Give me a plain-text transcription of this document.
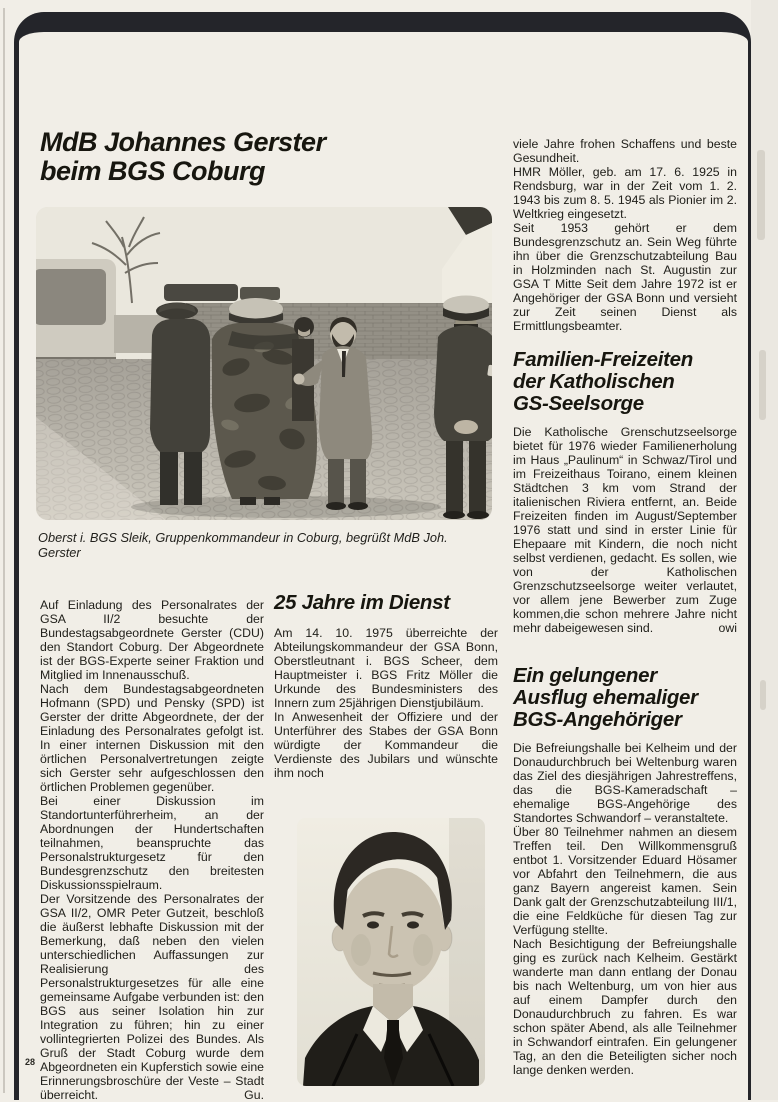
MdB Johannes Gerster
beim BGS Coburg
Oberst i. BGS Sleik, Gruppenkommandeur in Coburg, begrüßt MdB Joh. Gerster

Auf Einladung des Personalrates der GSA II/2 besuchte der Bundestagsabgeordnete Gerster (CDU) den Standort Coburg. Der Abgeordnete ist der BGS-Experte seiner Fraktion und Mitglied im Innenausschuß.

Nach dem Bundestagsabgeordneten Hofmann (SPD) und Pensky (SPD) ist Gerster der dritte Abgeordnete, der der Einladung des Personalrates gefolgt ist. In einer internen Diskussion mit den örtlichen Personalvertretungen zeigte sich Gerster sehr aufgeschlossen den örtlichen Problemen gegenüber.

Bei einer Diskussion im Standortunterführerheim, an der Abordnungen der Hundertschaften teilnahmen, beanspruchte das Personalstrukturgesetz für den Bundesgrenzschutz den breitesten Diskussionsspielraum.

Der Vorsitzende des Personalrates der GSA II/2, OMR Peter Gutzeit, beschloß die äußerst lebhafte Diskussion mit der Bemerkung, daß neben den vielen unterschiedlichen Auffassungen zur Realisierung des Personalstrukturgesetzes für alle eine gemeinsame Aufgabe verbunden ist: den BGS aus seiner Isolation hin zur Integration zu führen; hin zu einer vollintegrierten Polizei des Bundes. Als Gruß der Stadt Coburg wurde dem Abgeordneten ein Kupferstich sowie eine Erinnerungsbroschüre der Veste – Stadt überreicht.	Gu.

25 Jahre im Dienst

Am 14. 10. 1975 überreichte der Abteilungskommandeur der GSA Bonn, Oberstleutnant i. BGS Scheer, dem Hauptmeister i. BGS Fritz Möller die Urkunde des Bundesministers des Innern zum 25jährigen Dienstjubiläum.

In Anwesenheit der Offiziere und der Unterführer des Stabes der GSA Bonn würdigte der Kommandeur die Verdienste des Jubilars und wünschte ihm noch

viele Jahre frohen Schaffens und beste Gesundheit.

HMR Möller, geb. am 17. 6. 1925 in Rendsburg, war in der Zeit vom 1. 2. 1943 bis zum 8. 5. 1945 als Pionier im 2. Weltkrieg eingesetzt.

Seit 1953 gehört er dem Bundesgrenzschutz an. Sein Weg führte ihn über die Grenzschutzabteilung Bau in Holzminden nach St. Augustin zur GSA T Mitte Seit dem Jahre 1972 ist er Angehöriger der GSA Bonn und versieht zur Zeit seinen Dienst als Ermittlungsbeamter.

Familien-Freizeiten
der Katholischen
GS-Seelsorge

Die Katholische Grenschutzseelsorge bietet für 1976 wieder Familienerholung im Haus „Paulinum“ in Schwaz/Tirol und im Freizeithaus Toirano, einem kleinen Städtchen 3 km vom Strand der italienischen Riviera entfernt, an. Beide Freizeiten finden im August/September 1976 statt und sind in erster Linie für Ehepaare mit Kindern, die noch nicht selbst verdienen, gedacht. Es sollen, wie von der Katholischen Grenzschutzseelsorge weiter verlautet, vor allem jene Bewerber zum Zuge kommen,die schon mehrere Jahre nicht mehr dabeigewesen sind.	owi

Ein gelungener
Ausflug ehemaliger
BGS-Angehöriger

Die Befreiungshalle bei Kelheim und der Donaudurchbruch bei Weltenburg waren das Ziel des diesjährigen Jahrestreffens, das die BGS-Kameradschaft – ehemalige BGS-Angehörige des Standortes Schwandorf – veranstaltete.

Über 80 Teilnehmer nahmen an diesem Treffen teil. Den Willkommensgruß entbot 1. Vorsitzender Eduard Hösamer vor Abfahrt den Teilnehmern, die aus ganz Bayern angereist kamen. Sein Dank galt der Grenzschutzabteilung III/1, die eine Feldküche für diesen Tag zur Verfügung stellte.

Nach Besichtigung der Befreiungshalle ging es zurück nach Kelheim. Gestärkt wanderte man dann entlang der Donau bis nach Weltenburg, um von hier aus auf einem Dampfer durch den Donaudurchbruch zu fahren. Es war schon später Abend, als alle Teilnehmer in Schwandorf eintrafen. Ein gelungener Tag, an den die Beteiligten sicher noch lange denken werden.

28
